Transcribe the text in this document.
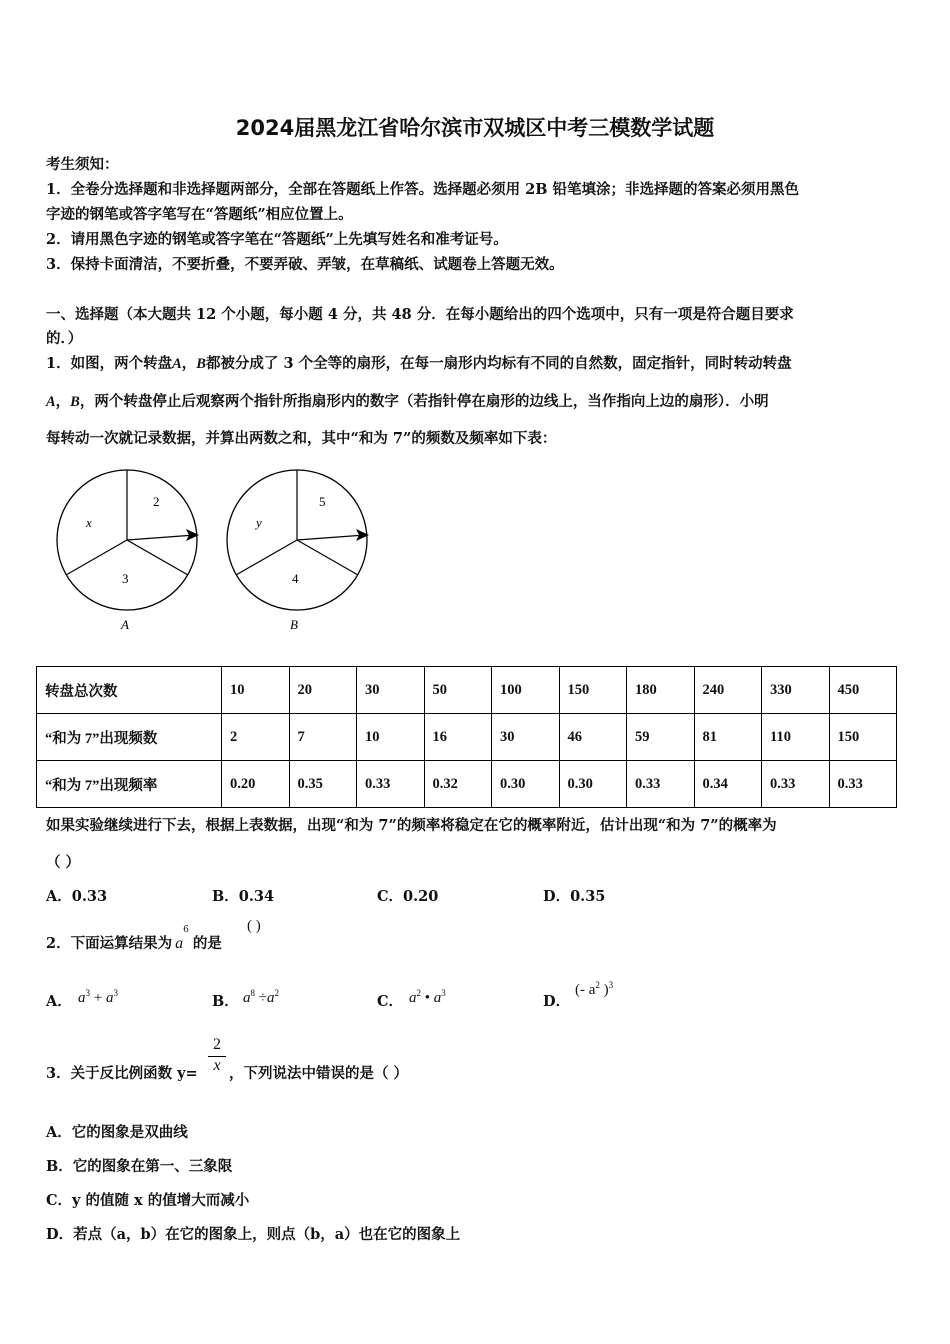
2024届黑龙江省哈尔滨市双城区中考三模数学试题
考生须知：
1．全卷分选择题和非选择题两部分，全部在答题纸上作答。选择题必须用 2B 铅笔填涂；非选择题的答案必须用黑色
字迹的钢笔或答字笔写在“答题纸”相应位置上。
2．请用黑色字迹的钢笔或答字笔在“答题纸”上先填写姓名和准考证号。
3．保持卡面清洁，不要折叠，不要弄破、弄皱，在草稿纸、试题卷上答题无效。
一、选择题（本大题共 12 个小题，每小题 4 分，共 48 分．在每小题给出的四个选项中，只有一项是符合题目要求
的．）
1．如图，两个转盘A，B都被分成了 3 个全等的扇形，在每一扇形内均标有不同的自然数，固定指针，同时转动转盘
A，B，两个转盘停止后观察两个指针所指扇形内的数字（若指针停在扇形的边线上，当作指向上边的扇形）．小明
每转动一次就记录数据，并算出两数之和，其中“和为 7”的频数及频率如下表：
2
x
3
A
5
y
4
B
转盘总次数	10	20	30	50	100	150	180	240	330	450
“和为 7”出现频数	2	7	10	16	30	46	59	81	110	150
“和为 7”出现频率	0.20	0.35	0.33	0.32	0.30	0.30	0.33	0.34	0.33	0.33
如果实验继续进行下去，根据上表数据，出现“和为 7”的频率将稳定在它的概率附近，估计出现“和为 7”的概率为
（ ）
A．0.33	B．0.34	C．0.20	D．0.35
2．下面运算结果为 $a^6$的是
( )
A． $a^3 + a^3$	B． $a^8 \div a^2$	C． $a^2$ • $a^3$	D．
(- $a^2$ )$^3$
3．关于反比例函数 $y= \frac{2}{x}$ ，下列说法中错误的是（ ）
A．它的图象是双曲线
B．它的图象在第一、三象限
C．y 的值随 x 的值增大而减小
D．若点（a，b）在它的图象上，则点（b，a）也在它的图象上
